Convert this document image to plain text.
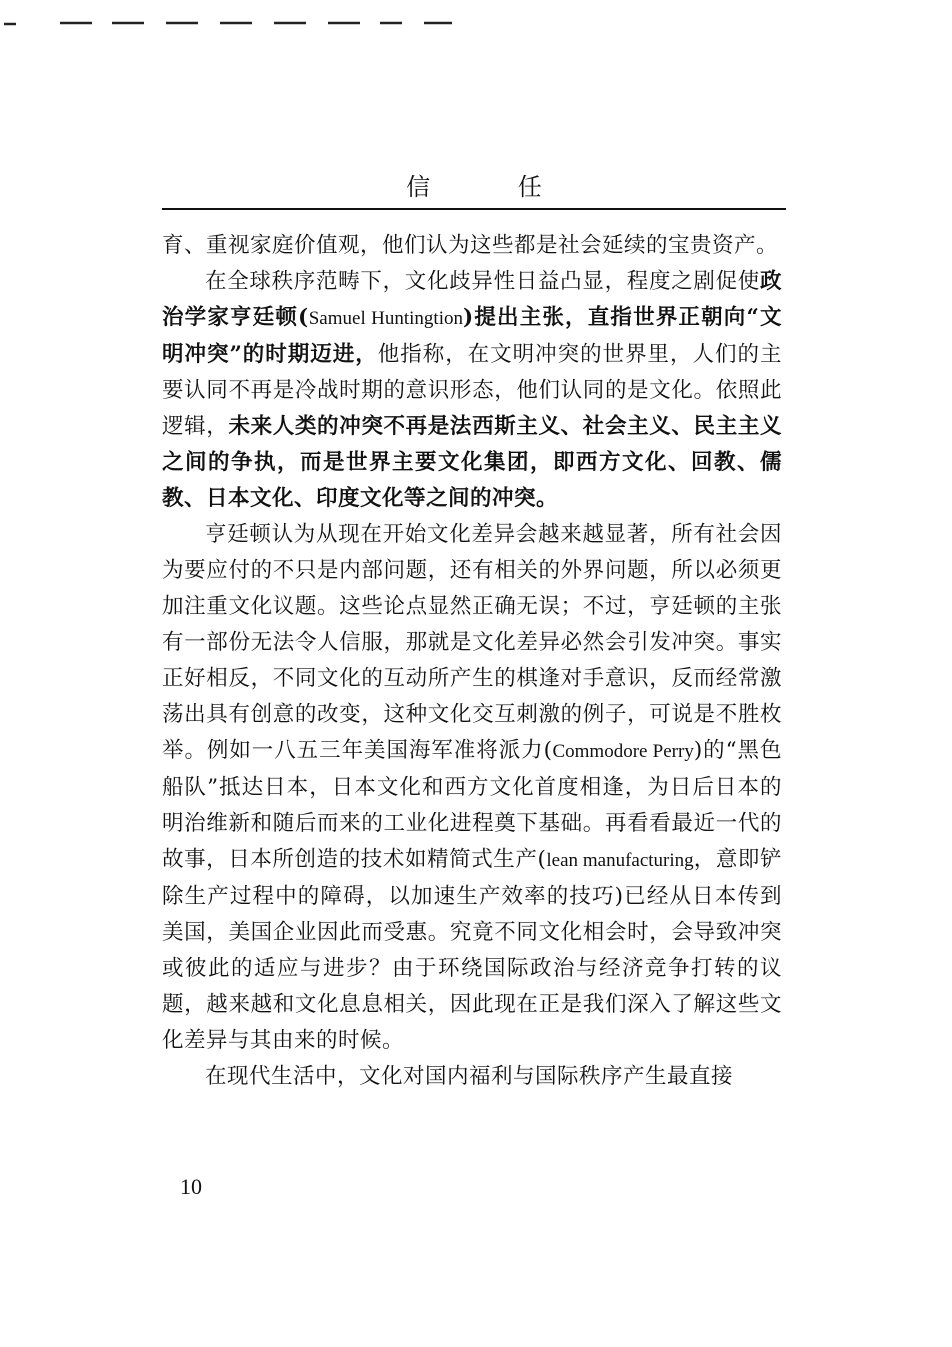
信 任

育、重视家庭价值观，他们认为这些都是社会延续的宝贵资产。

在全球秩序范畴下，文化歧异性日益凸显，程度之剧促使政治学家亨廷顿(Samuel Huntingtion)提出主张，直指世界正朝向“文明冲突”的时期迈进，他指称，在文明冲突的世界里，人们的主要认同不再是冷战时期的意识形态，他们认同的是文化。依照此逻辑，未来人类的冲突不再是法西斯主义、社会主义、民主主义之间的争执，而是世界主要文化集团，即西方文化、回教、儒教、日本文化、印度文化等之间的冲突。

亨廷顿认为从现在开始文化差异会越来越显著，所有社会因为要应付的不只是内部问题，还有相关的外界问题，所以必须更加注重文化议题。这些论点显然正确无误；不过，亨廷顿的主张有一部份无法令人信服，那就是文化差异必然会引发冲突。事实正好相反，不同文化的互动所产生的棋逢对手意识，反而经常激荡出具有创意的改变，这种文化交互刺激的例子，可说是不胜枚举。例如一八五三年美国海军准将派力(Commodore Perry)的“黑色船队”抵达日本，日本文化和西方文化首度相逢，为日后日本的明治维新和随后而来的工业化进程奠下基础。再看看最近一代的故事，日本所创造的技术如精简式生产(lean manufacturing，意即铲除生产过程中的障碍，以加速生产效率的技巧)已经从日本传到美国，美国企业因此而受惠。究竟不同文化相会时，会导致冲突或彼此的适应与进步？由于环绕国际政治与经济竞争打转的议题，越来越和文化息息相关，因此现在正是我们深入了解这些文化差异与其由来的时候。

在现代生活中，文化对国内福利与国际秩序产生最直接

10
